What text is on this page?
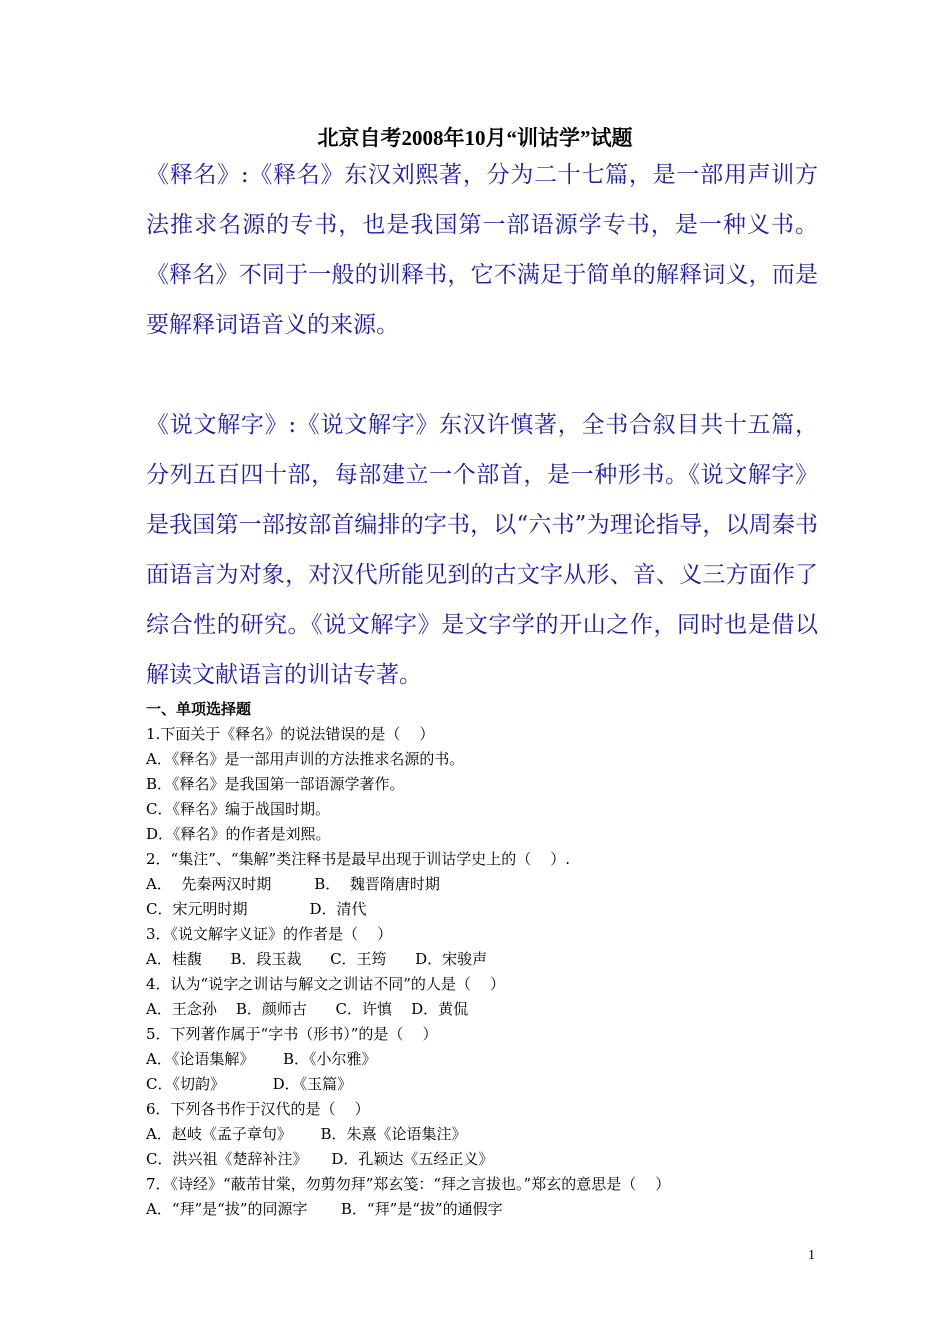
北京自考2008年10月“训诂学”试题

《释名》:《释名》东汉刘熙著，分为二十七篇，是一部用声训方法推求名源的专书，也是我国第一部语源学专书，是一种义书。《释名》不同于一般的训释书，它不满足于简单的解释词义，而是要解释词语音义的来源。

《说文解字》:《说文解字》东汉许慎著，全书合叙目共十五篇，分列五百四十部，每部建立一个部首，是一种形书。《说文解字》是我国第一部按部首编排的字书，以“六书”为理论指导，以周秦书面语言为对象，对汉代所能见到的古文字从形、音、义三方面作了综合性的研究。《说文解字》是文字学的开山之作，同时也是借以解读文献语言的训诂专著。

一、单项选择题
1.下面关于《释名》的说法错误的是（    ）
A．《释名》是一部用声训的方法推求名源的书。
B．《释名》是我国第一部语源学著作。
C．《释名》编于战国时期。
D．《释名》的作者是刘熙。
2．“集注”、“集解”类注释书是最早出现于训诂学史上的（    ）.
A．  先秦两汉时期         B．  魏晋隋唐时期
C．宋元明时期             D．清代
3．《说文解字义证》的作者是（    ）
A．桂馥      B．段玉裁      C．王筠      D．宋骏声
4．认为“说字之训诂与解文之训诂不同”的人是（    ）
A．王念孙    B．颜师古      C．许慎    D．黄侃
5．下列著作属于“字书（形书）”的是（    ）
A．《论语集解》      B．《小尔雅》
C．《切韵》          D．《玉篇》
6．下列各书作于汉代的是（    ）
A．赵岐《孟子章句》      B．朱熹《论语集注》
C．洪兴祖《楚辞补注》     D．孔颖达《五经正义》
7．《诗经》“蔽芾甘棠，勿剪勿拜”郑玄笺：“拜之言拔也。”郑玄的意思是（    ）
A．“拜”是“拔”的同源字       B．“拜”是“拔”的通假字
1
